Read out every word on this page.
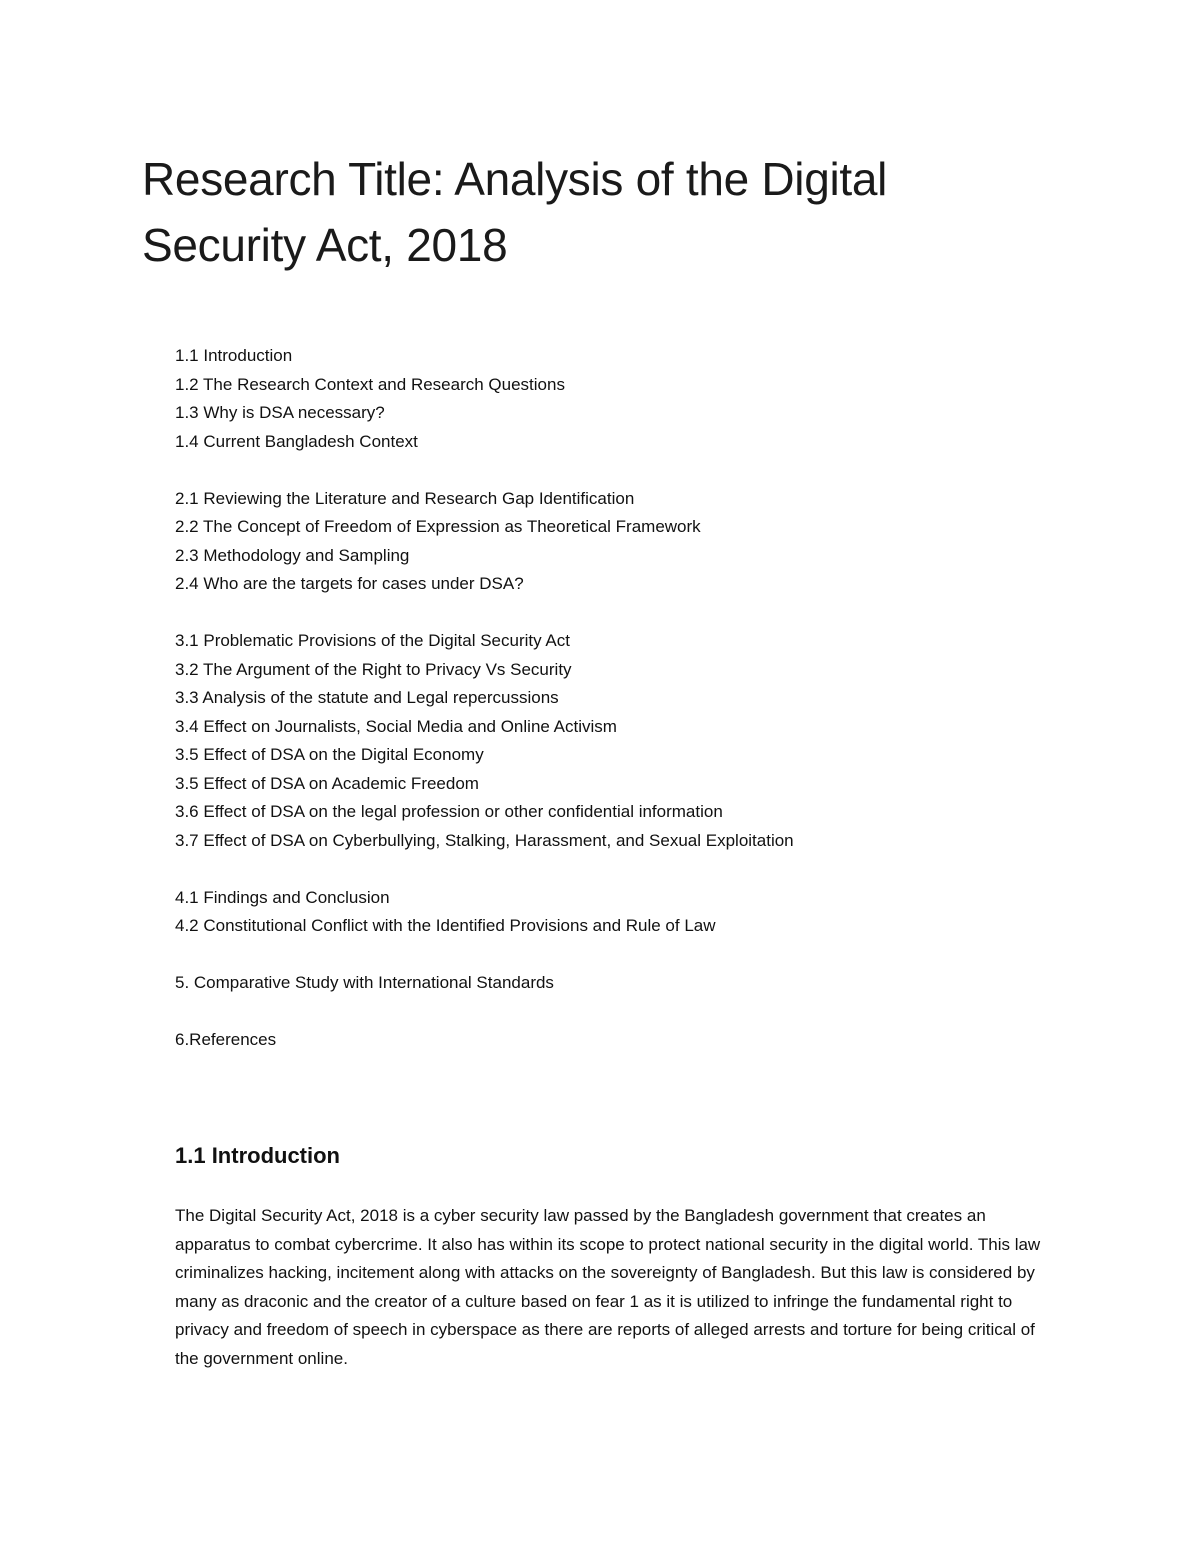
Research Title: Analysis of the Digital Security Act, 2018
1.1 Introduction
1.2 The Research Context and Research Questions
1.3 Why is DSA necessary?
1.4 Current Bangladesh Context
2.1 Reviewing the Literature and Research Gap Identification
2.2 The Concept of Freedom of Expression as Theoretical Framework
2.3 Methodology and Sampling
2.4 Who are the targets for cases under DSA?
3.1 Problematic Provisions of the Digital Security Act
3.2 The Argument of the Right to Privacy Vs Security
3.3 Analysis of the statute and Legal repercussions
3.4 Effect on Journalists, Social Media and Online Activism
3.5 Effect of DSA on the Digital Economy
3.5 Effect of DSA on Academic Freedom
3.6 Effect of DSA on the legal profession or other confidential information
3.7 Effect of DSA on Cyberbullying, Stalking, Harassment, and Sexual Exploitation
4.1 Findings and Conclusion
4.2 Constitutional Conflict with the Identified Provisions and Rule of Law
5. Comparative Study with International Standards
6.References
1.1 Introduction

The Digital Security Act, 2018 is a cyber security law passed by the Bangladesh government that creates an apparatus to combat cybercrime. It also has within its scope to protect national security in the digital world. This law criminalizes hacking, incitement along with attacks on the sovereignty of Bangladesh. But this law is considered by many as draconic and the creator of a culture based on fear 1 as it is utilized to infringe the fundamental right to privacy and freedom of speech in cyberspace as there are reports of alleged arrests and torture for being critical of the government online.
